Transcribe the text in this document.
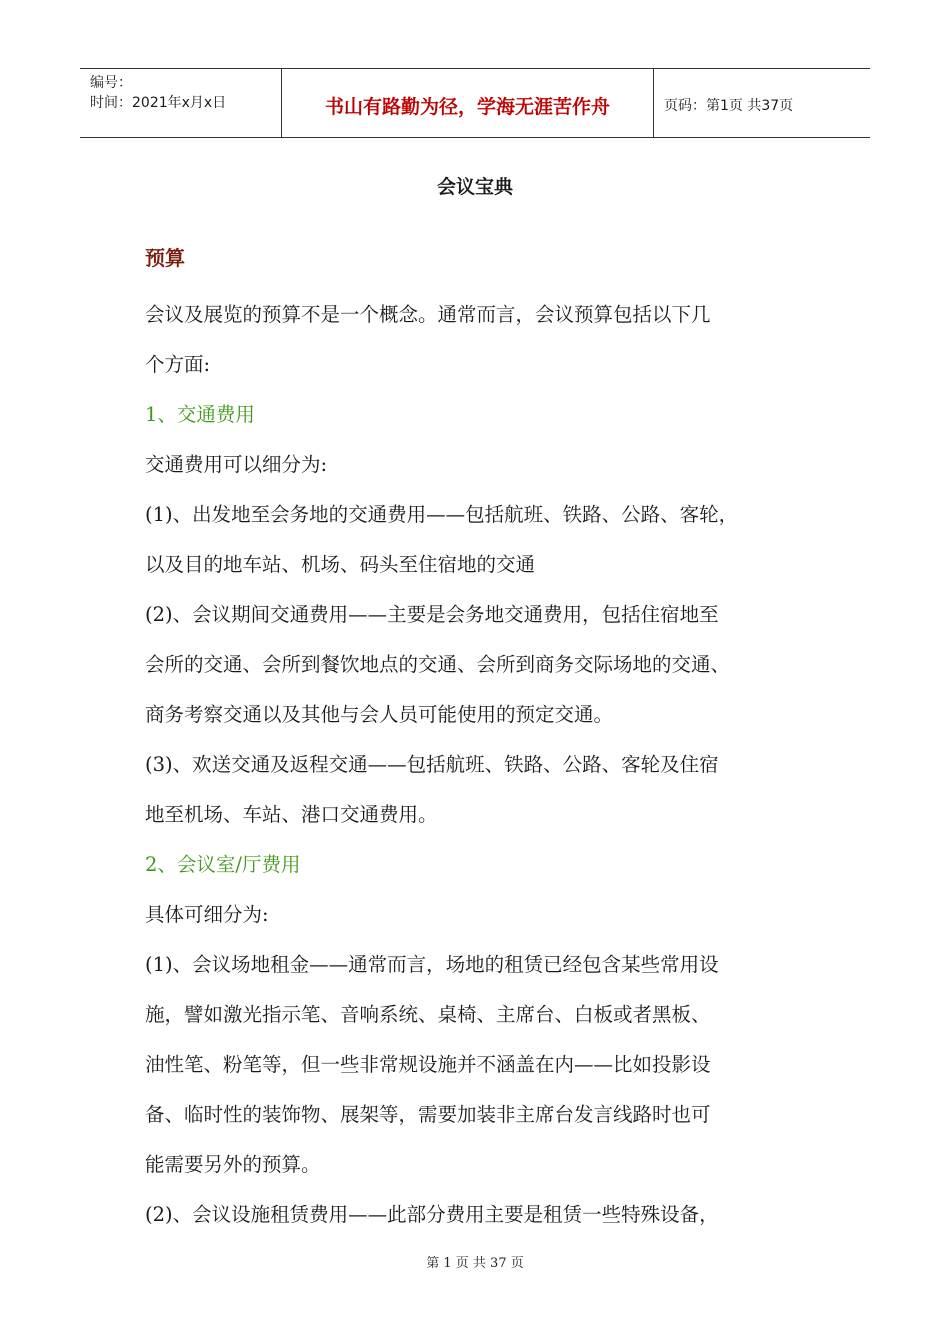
编号：
时间：2021年x月x日	书山有路勤为径，学海无涯苦作舟	页码：第1页 共37页
会议宝典

预算

会议及展览的预算不是一个概念。通常而言，会议预算包括以下几

个方面:

1、交通费用

交通费用可以细分为:

(1)、出发地至会务地的交通费用——包括航班、铁路、公路、客轮，

以及目的地车站、机场、码头至住宿地的交通

(2)、会议期间交通费用——主要是会务地交通费用，包括住宿地至

会所的交通、会所到餐饮地点的交通、会所到商务交际场地的交通、

商务考察交通以及其他与会人员可能使用的预定交通。

(3)、欢送交通及返程交通——包括航班、铁路、公路、客轮及住宿

地至机场、车站、港口交通费用。

2、会议室/厅费用

具体可细分为:

(1)、会议场地租金——通常而言，场地的租赁已经包含某些常用设

施，譬如激光指示笔、音响系统、桌椅、主席台、白板或者黑板、

油性笔、粉笔等，但一些非常规设施并不涵盖在内——比如投影设

备、临时性的装饰物、展架等，需要加装非主席台发言线路时也可

能需要另外的预算。

(2)、会议设施租赁费用——此部分费用主要是租赁一些特殊设备，

第 1 页 共 37 页
